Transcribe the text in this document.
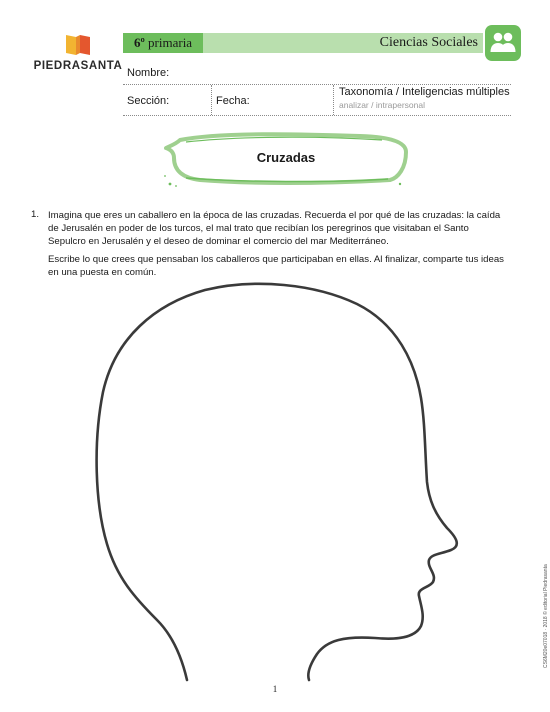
PIEDRASANTA
6º primaria	Ciencias Sociales
Nombre:
Sección:	Fecha:
Taxonomía / Inteligencias múltiples
analizar / intrapersonal
Cruzadas
1. Imagina que eres un caballero en la época de las cruzadas. Recuerda el por qué de las cruzadas: la caída de Jerusalén en poder de los turcos, el mal trato que recibían los peregrinos que visitaban el Santo Sepulcro en Jerusalén y el deseo de dominar el comercio del mar Mediterráneo.
Escribe lo que crees que pensaban los caballeros que participaban en ellas. Al finalizar, comparte tus ideas en una puesta en común.
1
CS6M20e07018 · 2018 © editorial Piedrasanta
